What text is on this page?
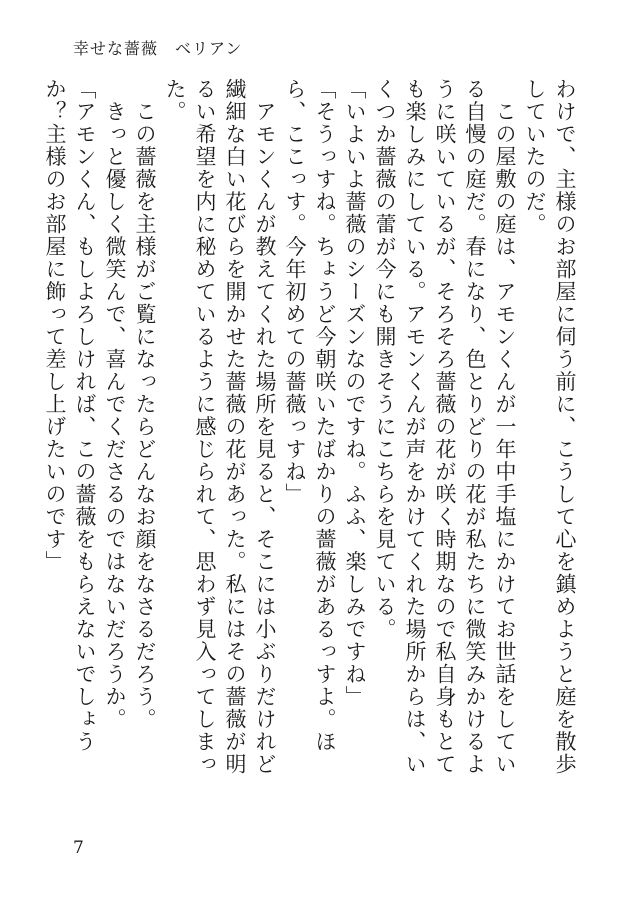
幸せな薔薇　ベリアン

わけで、主様のお部屋に伺う前に、こうして心を鎮めようと庭を散歩していたのだ。

　この屋敷の庭は、アモンくんが一年中手塩にかけてお世話をしている自慢の庭だ。春になり、色とりどりの花が私たちに微笑みかけるように咲いているが、そろそろ薔薇の花が咲く時期なので私自身もとても楽しみにしている。アモンくんが声をかけてくれた場所からは、いくつか薔薇の蕾が今にも開きそうにこちらを見ている。

「いよいよ薔薇のシーズンなのですね。ふふ、楽しみですね」

「そうっすね。ちょうど今朝咲いたばかりの薔薇があるっすよ。ほら、ここっす。今年初めての薔薇っすね」

　アモンくんが教えてくれた場所を見ると、そこには小ぶりだけれど繊細な白い花びらを開かせた薔薇の花があった。私にはその薔薇が明るい希望を内に秘めているように感じられて、思わず見入ってしまった。

　この薔薇を主様がご覧になったらどんなお顔をなさるだろう。

　きっと優しく微笑んで、喜んでくださるのではないだろうか。

「アモンくん、もしよろしければ、この薔薇をもらえないでしょうか？主様のお部屋に飾って差し上げたいのです」

7
